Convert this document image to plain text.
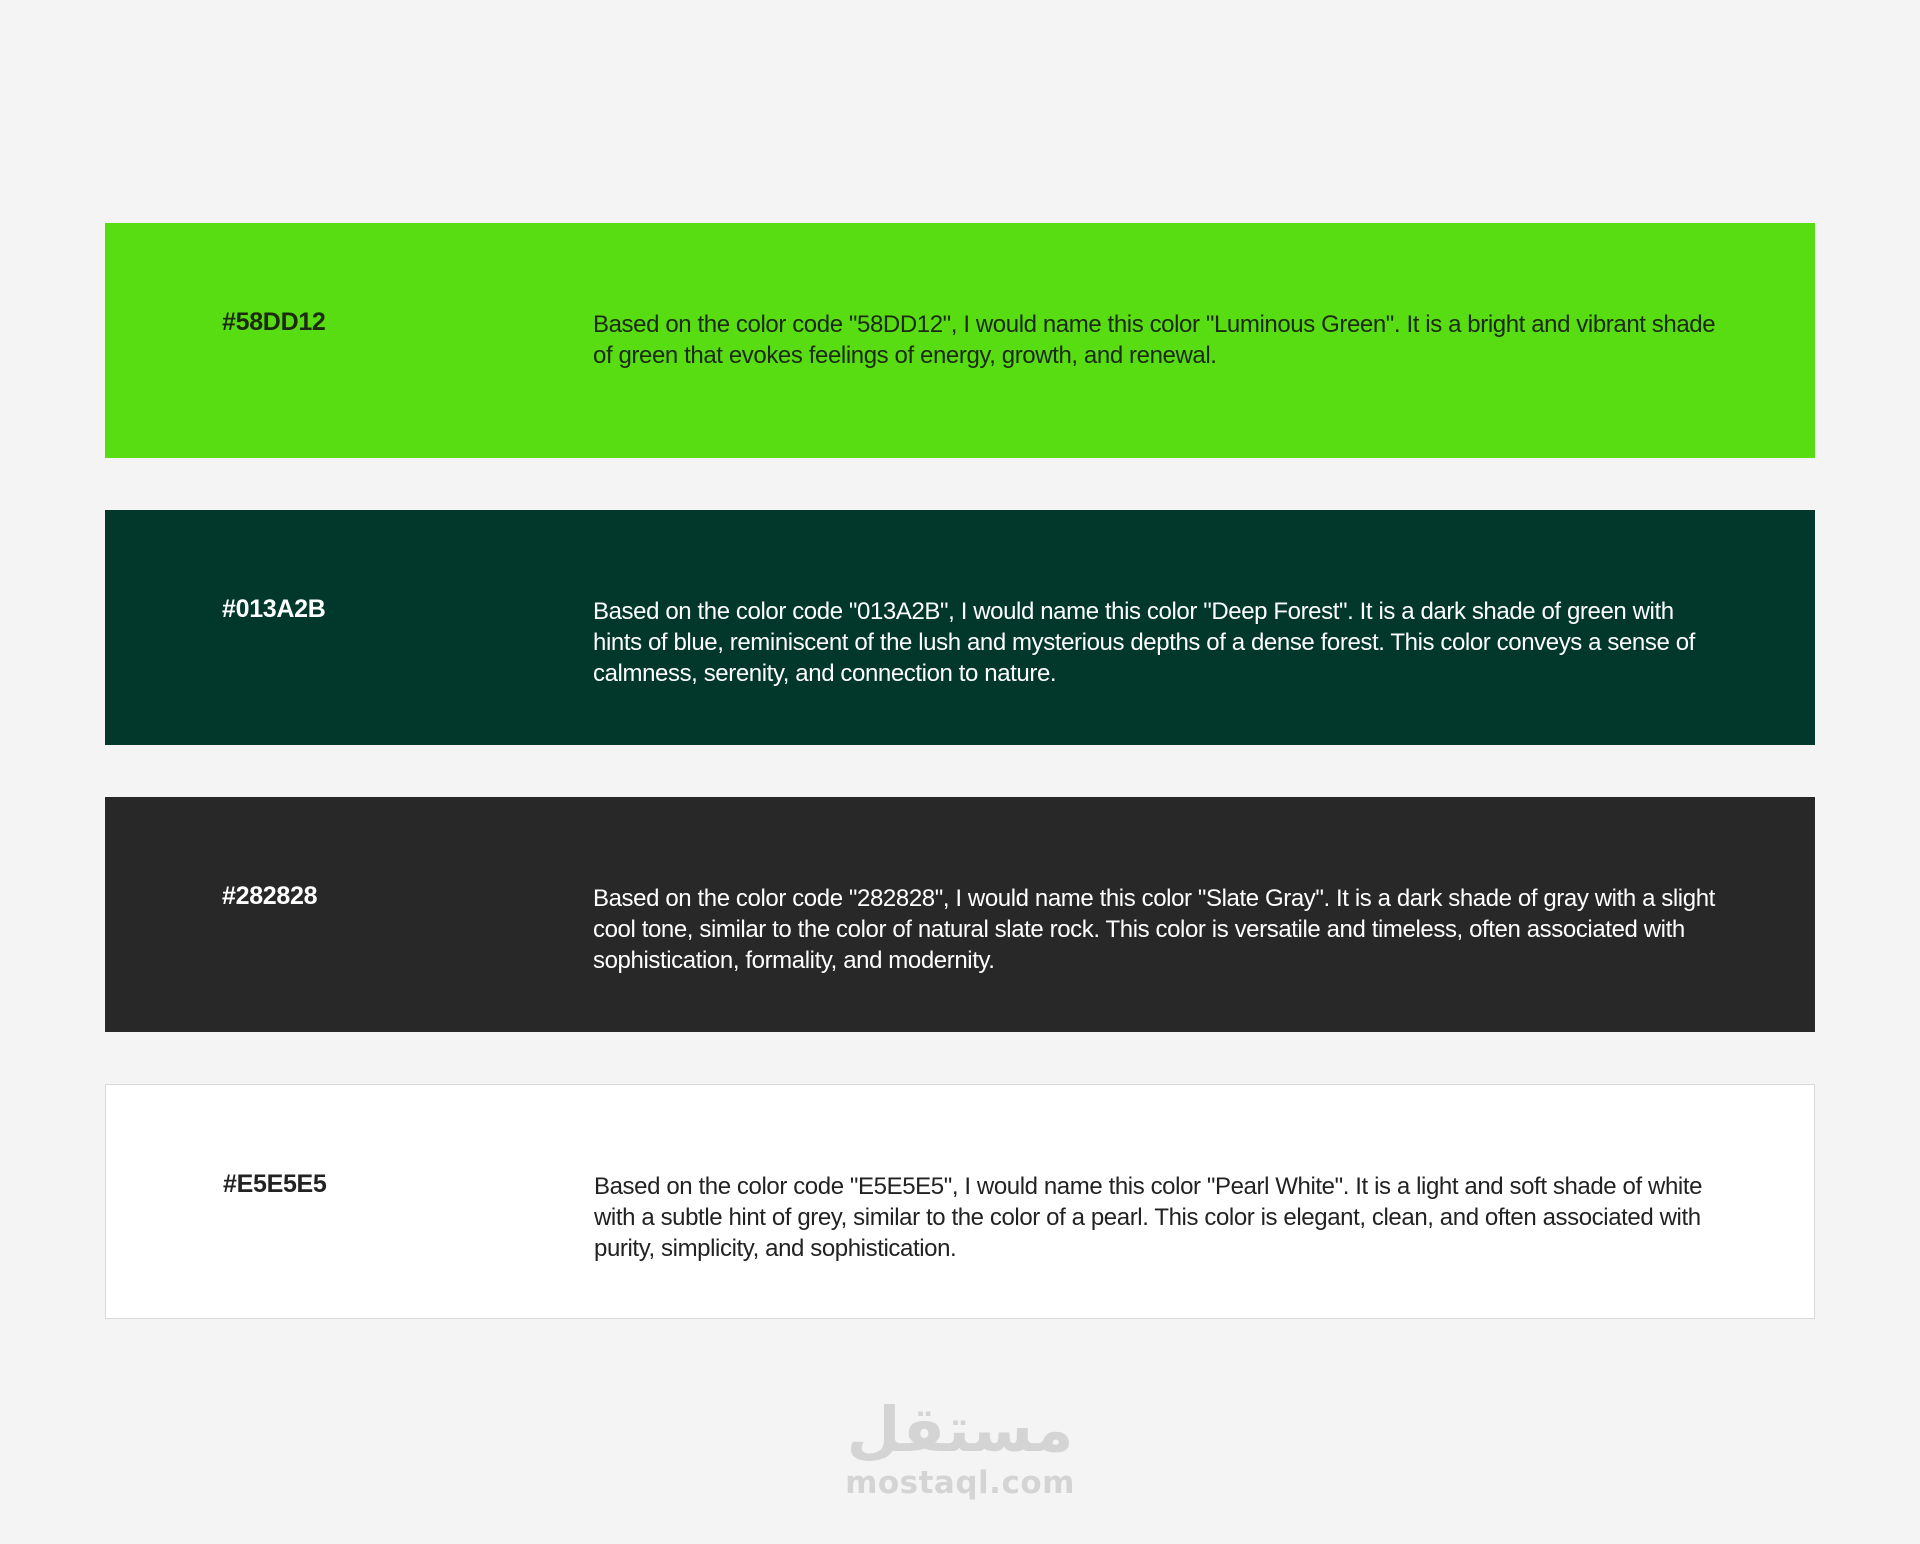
#58DD12	Based on the color code "58DD12", I would name this color "Luminous Green". It is a bright and vibrant shade of green that evokes feelings of energy, growth, and renewal.

#013A2B	Based on the color code "013A2B", I would name this color "Deep Forest". It is a dark shade of green with hints of blue, reminiscent of the lush and mysterious depths of a dense forest. This color conveys a sense of calmness, serenity, and connection to nature.

#282828	Based on the color code "282828", I would name this color "Slate Gray". It is a dark shade of gray with a slight cool tone, similar to the color of natural slate rock. This color is versatile and timeless, often associated with sophistication, formality, and modernity.

#E5E5E5	Based on the color code "E5E5E5", I would name this color "Pearl White". It is a light and soft shade of white with a subtle hint of grey, similar to the color of a pearl. This color is elegant, clean, and often associated with purity, simplicity, and sophistication.

مستقل
mostaql.com
